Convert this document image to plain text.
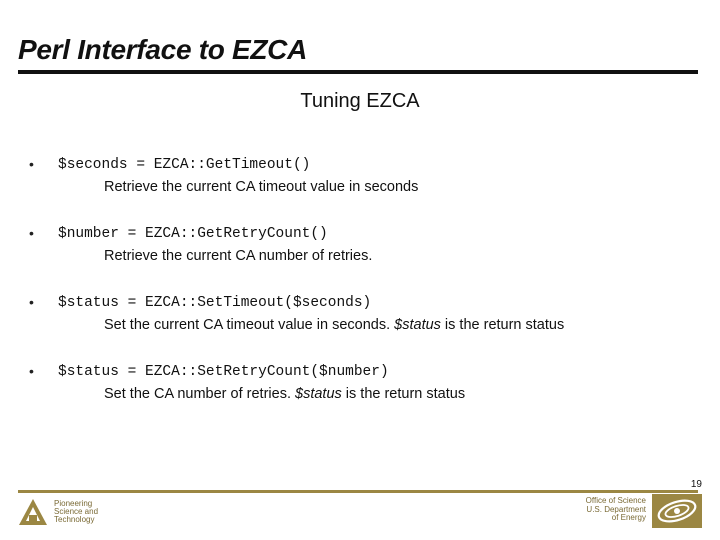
Perl Interface to EZCA
Tuning EZCA
• $seconds = EZCA::GetTimeout()
Retrieve the current CA timeout value in seconds
• $number = EZCA::GetRetryCount()
Retrieve the current CA number of retries.
• $status = EZCA::SetTimeout($seconds)
Set the current CA timeout value in seconds. $status is the return status
• $status = EZCA::SetRetryCount($number)
Set the CA number of retries. $status is the return status
19
Pioneering
Science and
Technology
Office of Science
U.S. Department
of Energy
